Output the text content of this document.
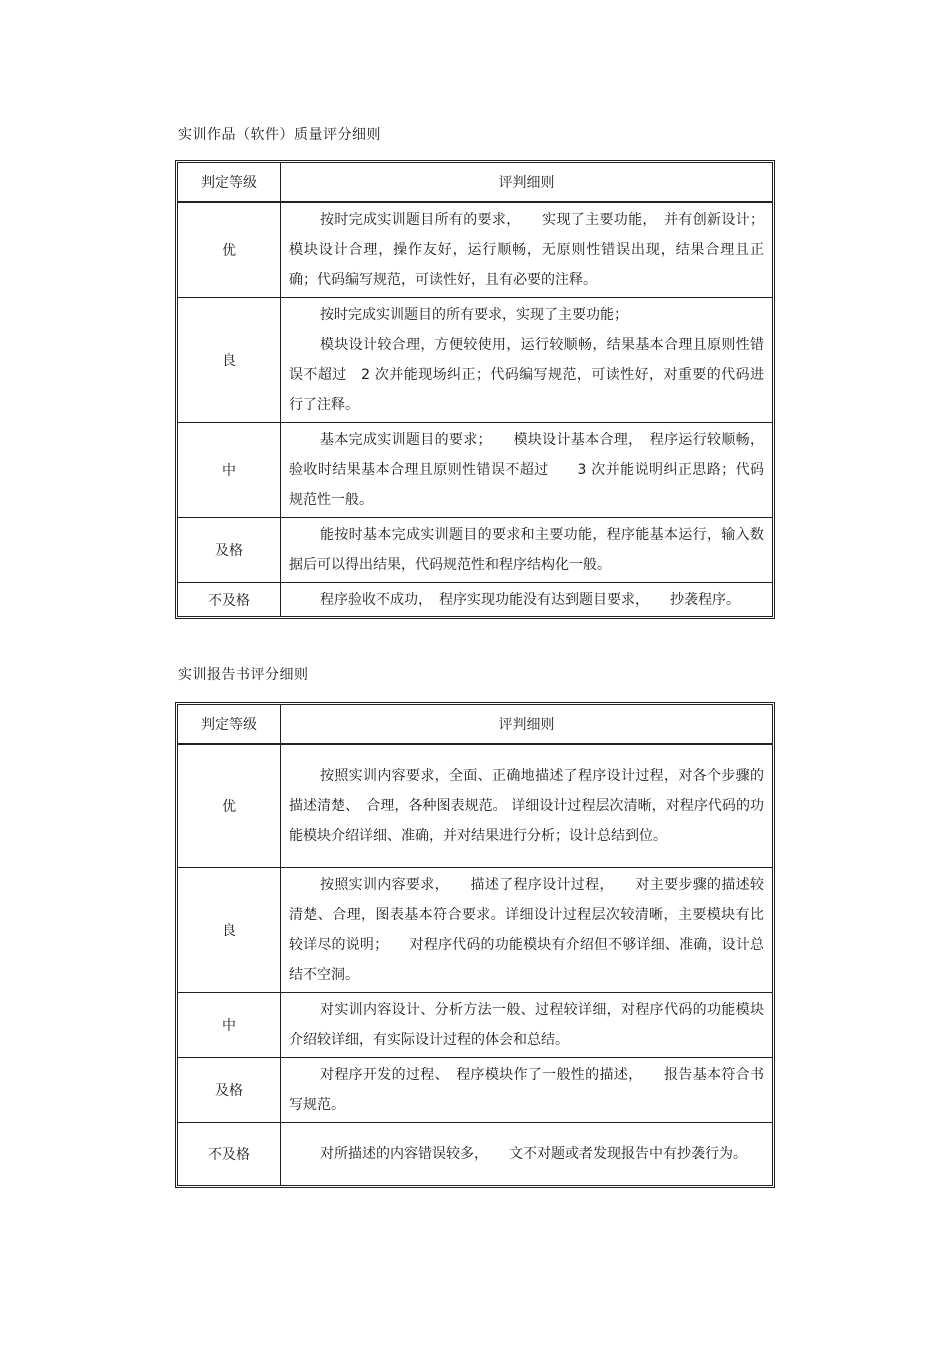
实训作品（软件）质量评分细则
判定等级	评判细则
优	按时完成实训题目所有的要求，　　实现了主要功能，　并有创新设计；模块设计合理，操作友好，运行顺畅，无原则性错误出现，结果合理且正确；代码编写规范，可读性好，且有必要的注释。

良	按时完成实训题目的所有要求，实现了主要功能；

模块设计较合理，方便较使用，运行较顺畅，结果基本合理且原则性错误不超过　2 次并能现场纠正；代码编写规范，可读性好，对重要的代码进行了注释。

中	基本完成实训题目的要求；　　模块设计基本合理，　程序运行较顺畅，验收时结果基本合理且原则性错误不超过　　3 次并能说明纠正思路；代码规范性一般。

及格	能按时基本完成实训题目的要求和主要功能，程序能基本运行，输入数据后可以得出结果，代码规范性和程序结构化一般。

不及格	程序验收不成功，　程序实现功能没有达到题目要求，　　抄袭程序。

实训报告书评分细则
判定等级	评判细则
优	按照实训内容要求，全面、正确地描述了程序设计过程，对各个步骤的描述清楚、　合理，各种图表规范。 详细设计过程层次清晰，对程序代码的功能模块介绍详细、准确，并对结果进行分析；设计总结到位。

良	按照实训内容要求，　　描述了程序设计过程，　　对主要步骤的描述较清楚、合理，图表基本符合要求。详细设计过程层次较清晰，主要模块有比较详尽的说明；　　对程序代码的功能模块有介绍但不够详细、准确，设计总结不空洞。

中	对实训内容设计、分析方法一般、过程较详细，对程序代码的功能模块介绍较详细，有实际设计过程的体会和总结。

及格	对程序开发的过程、　程序模块作了一般性的描述，　　报告基本符合书写规范。

不及格	对所描述的内容错误较多，　　文不对题或者发现报告中有抄袭行为。
